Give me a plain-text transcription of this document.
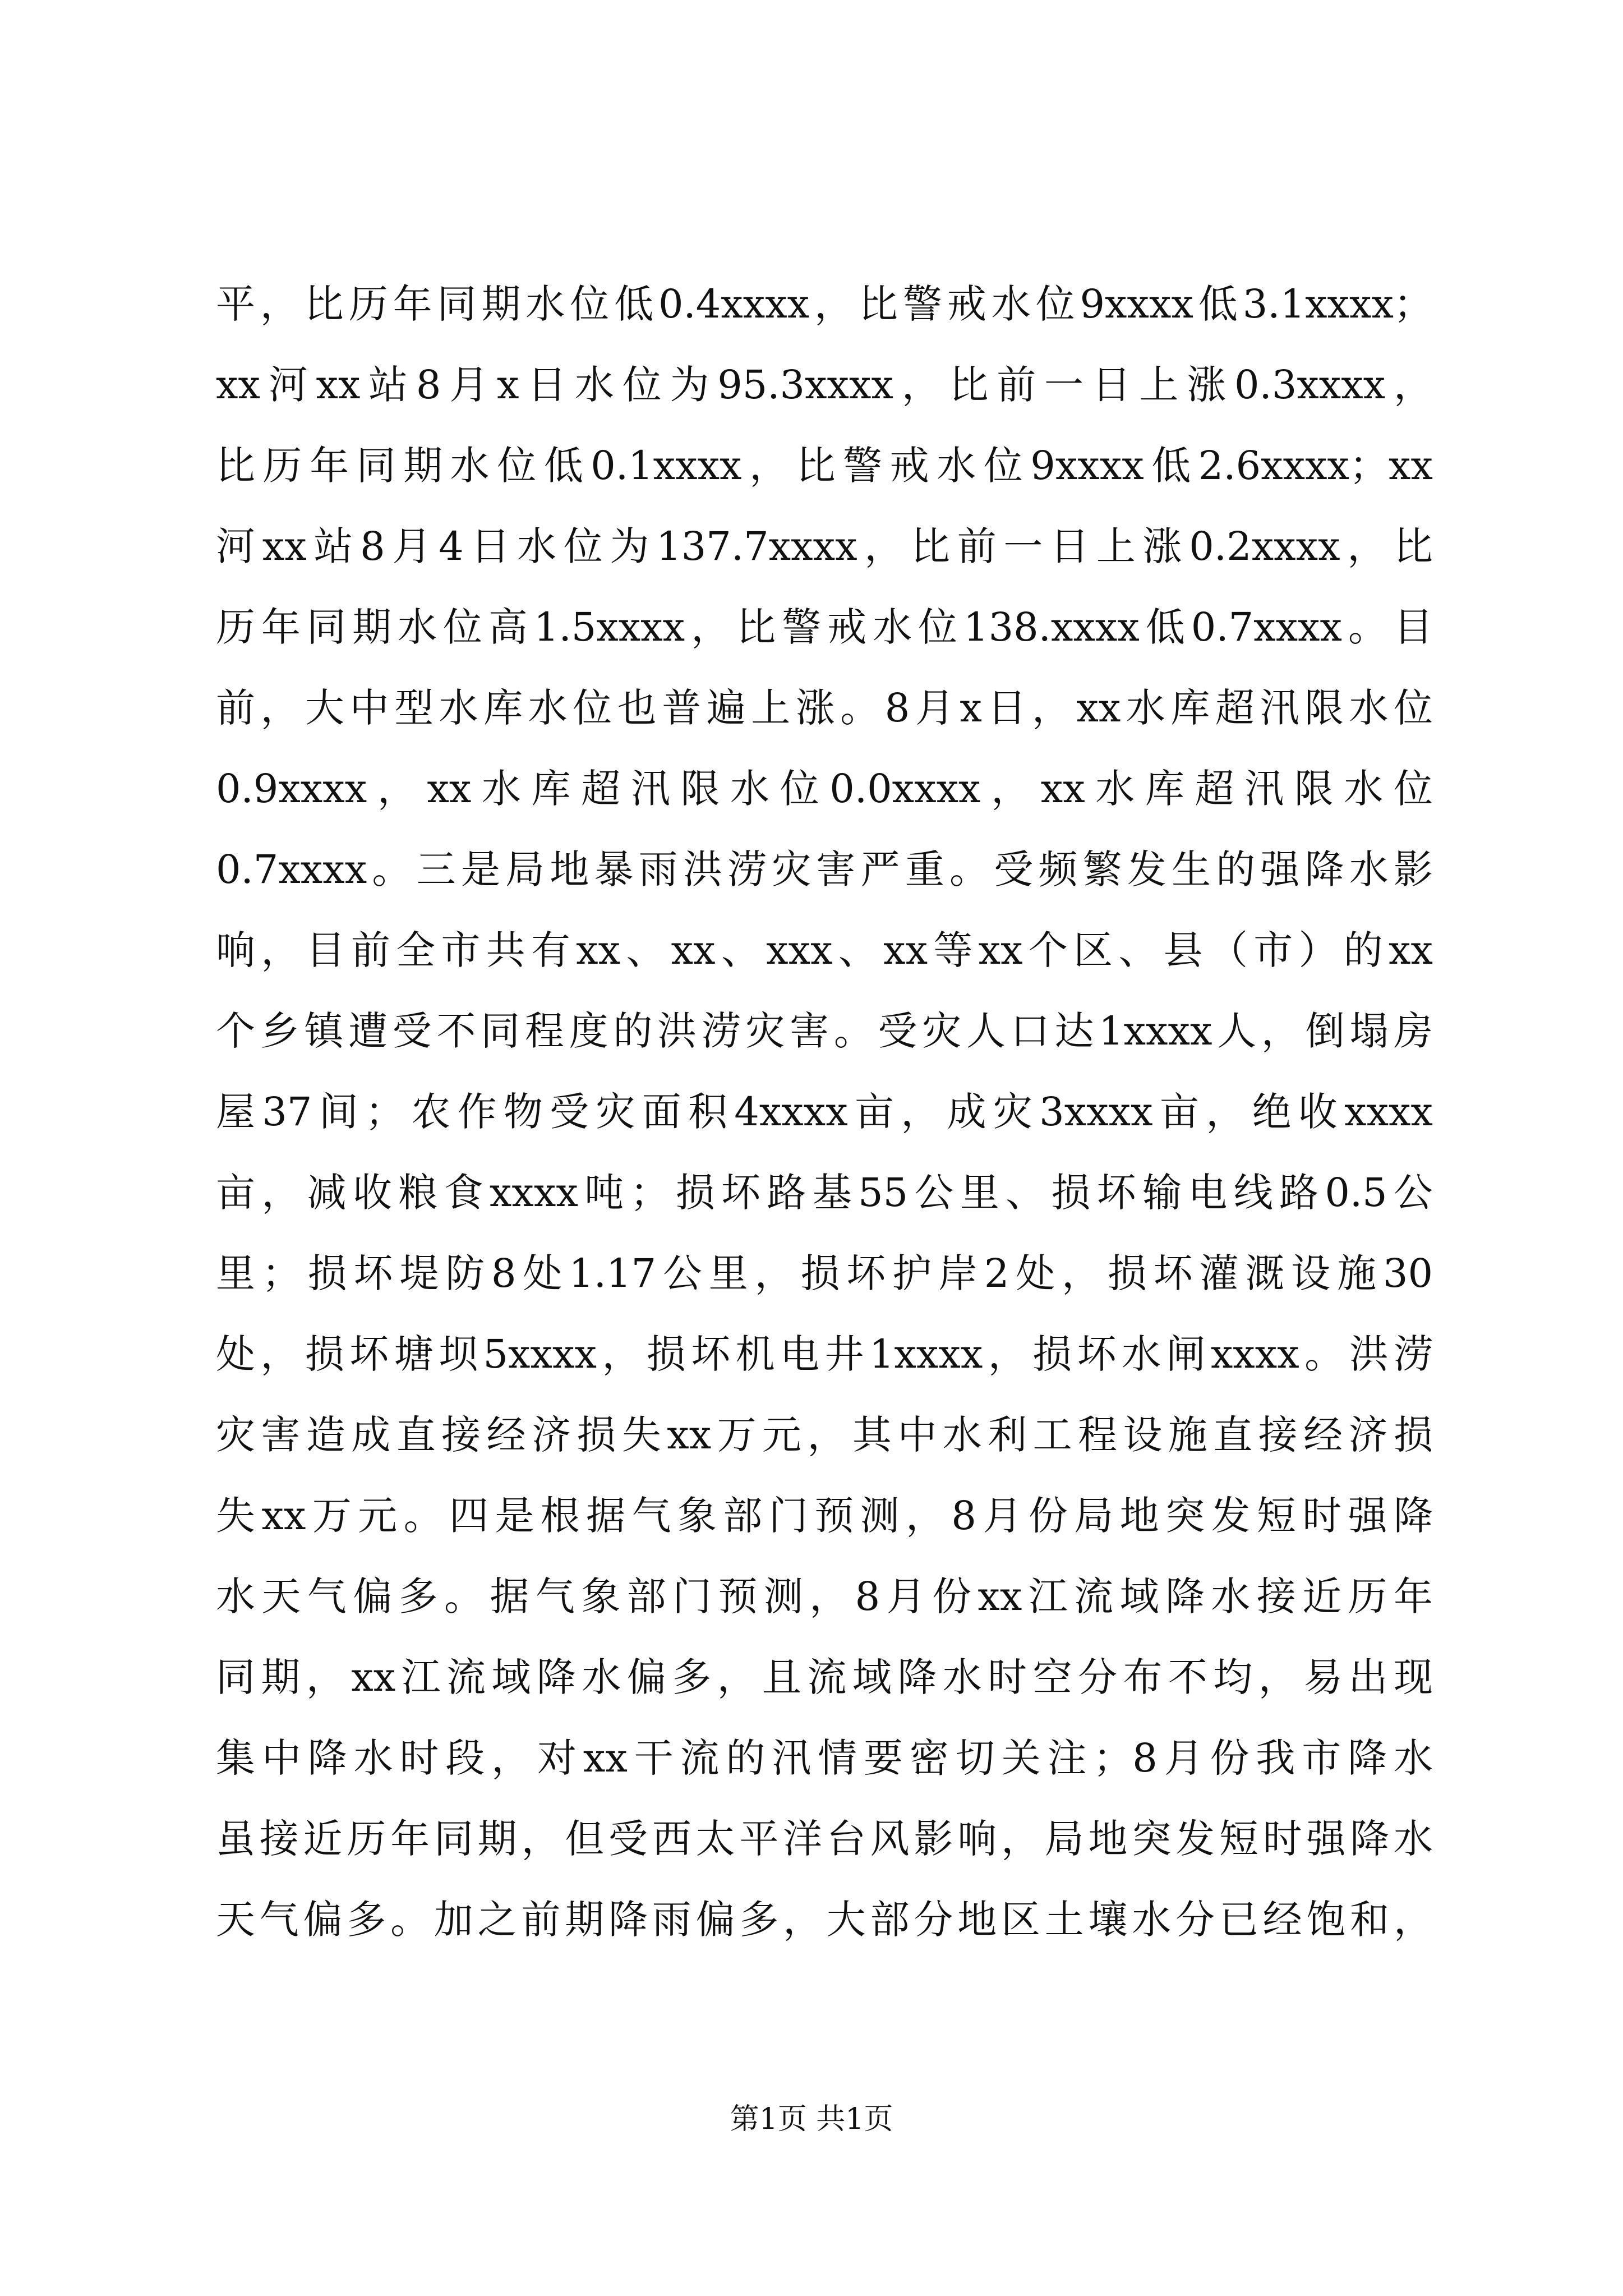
平，比历年同期水位低0.4xxxx，比警戒水位9xxxx低3.1xxxx；
xx河xx站8月x日水位为95.3xxxx，比前一日上涨0.3xxxx，
比历年同期水位低0.1xxxx，比警戒水位9xxxx低2.6xxxx；xx
河xx站8月4日水位为137.7xxxx，比前一日上涨0.2xxxx，比
历年同期水位高1.5xxxx，比警戒水位138.xxxx低0.7xxxx。目
前，大中型水库水位也普遍上涨。8月x日，xx水库超汛限水位
0.9xxxx，xx水库超汛限水位0.0xxxx，xx水库超汛限水位
0.7xxxx。三是局地暴雨洪涝灾害严重。受频繁发生的强降水影
响，目前全市共有xx、xx、xxx、xx等xx个区、县（市）的xx
个乡镇遭受不同程度的洪涝灾害。受灾人口达1xxxx人，倒塌房
屋37间；农作物受灾面积4xxxx亩，成灾3xxxx亩，绝收xxxx
亩，减收粮食xxxx吨；损坏路基55公里、损坏输电线路0.5公
里；损坏堤防8处1.17公里，损坏护岸2处，损坏灌溉设施30
处，损坏塘坝5xxxx，损坏机电井1xxxx，损坏水闸xxxx。洪涝
灾害造成直接经济损失xx万元，其中水利工程设施直接经济损
失xx万元。四是根据气象部门预测，8月份局地突发短时强降
水天气偏多。据气象部门预测，8月份xx江流域降水接近历年
同期，xx江流域降水偏多，且流域降水时空分布不均，易出现
集中降水时段，对xx干流的汛情要密切关注；8月份我市降水
虽接近历年同期，但受西太平洋台风影响，局地突发短时强降水
天气偏多。加之前期降雨偏多，大部分地区土壤水分已经饱和，
第1页 共1页
